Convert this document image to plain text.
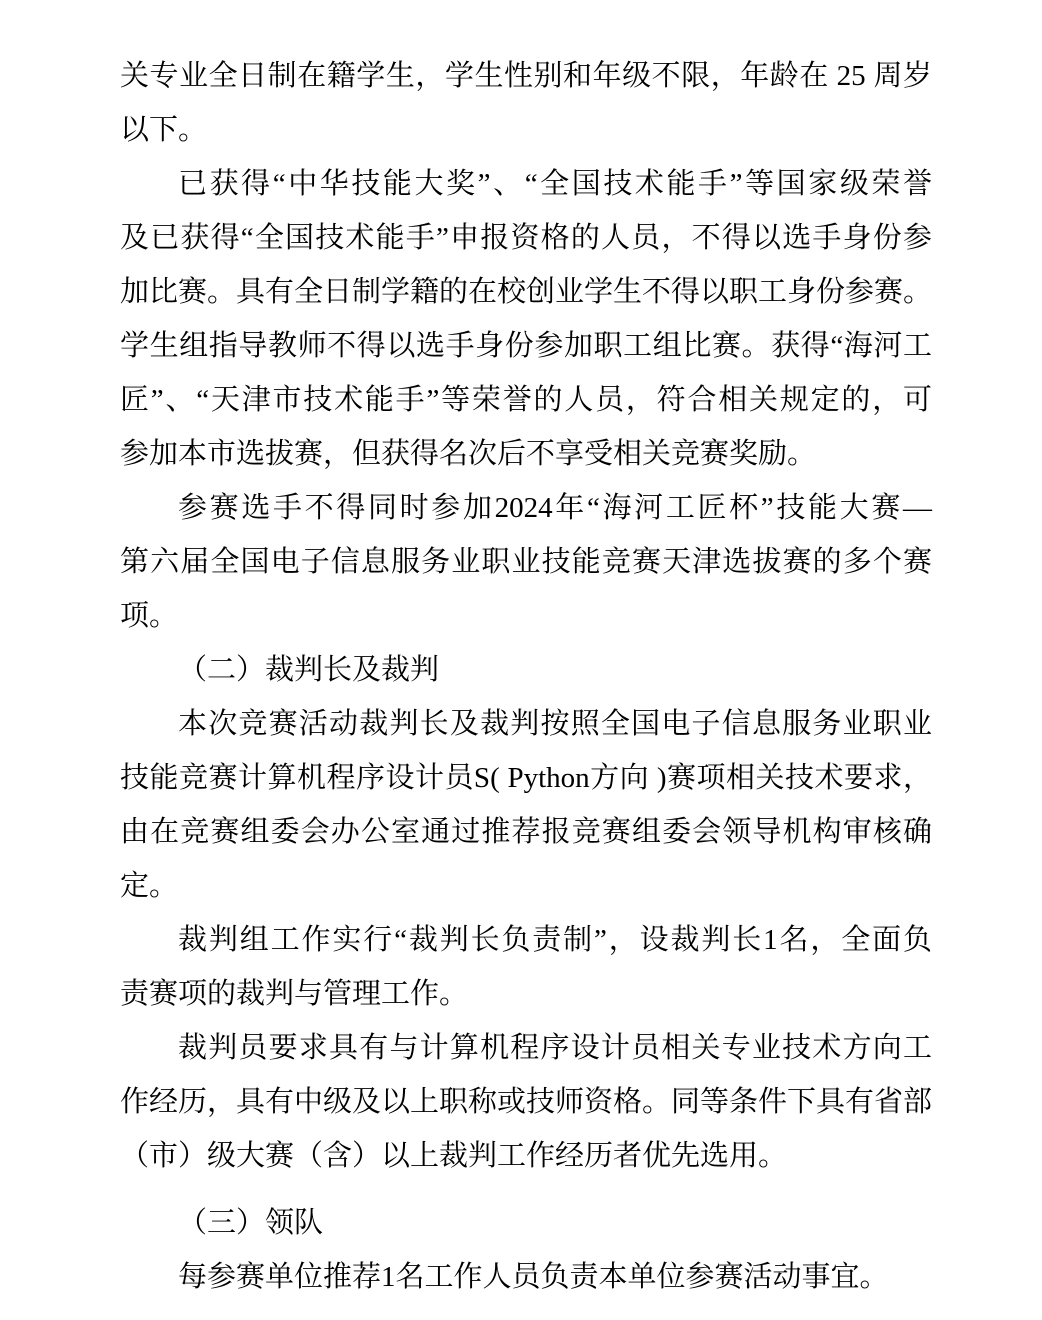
关专业全日制在籍学生，学生性别和年级不限，年龄在 25 周岁
以下。
已获得“中华技能大奖”、“全国技术能手”等国家级荣誉
及已获得“全国技术能手”申报资格的人员，不得以选手身份参
加比赛。具有全日制学籍的在校创业学生不得以职工身份参赛。
学生组指导教师不得以选手身份参加职工组比赛。获得“海河工
匠”、“天津市技术能手”等荣誉的人员，符合相关规定的，可
参加本市选拔赛，但获得名次后不享受相关竞赛奖励。
参赛选手不得同时参加2024年“海河工匠杯”技能大赛—
第六届全国电子信息服务业职业技能竞赛天津选拔赛的多个赛
项。
（二）裁判长及裁判
本次竞赛活动裁判长及裁判按照全国电子信息服务业职业
技能竞赛计算机程序设计员S( Python方向 )赛项相关技术要求，
由在竞赛组委会办公室通过推荐报竞赛组委会领导机构审核确
定。
裁判组工作实行“裁判长负责制”，设裁判长1名，全面负
责赛项的裁判与管理工作。
裁判员要求具有与计算机程序设计员相关专业技术方向工
作经历，具有中级及以上职称或技师资格。同等条件下具有省部
（市）级大赛（含）以上裁判工作经历者优先选用。
（三）领队
每参赛单位推荐1名工作人员负责本单位参赛活动事宜。
